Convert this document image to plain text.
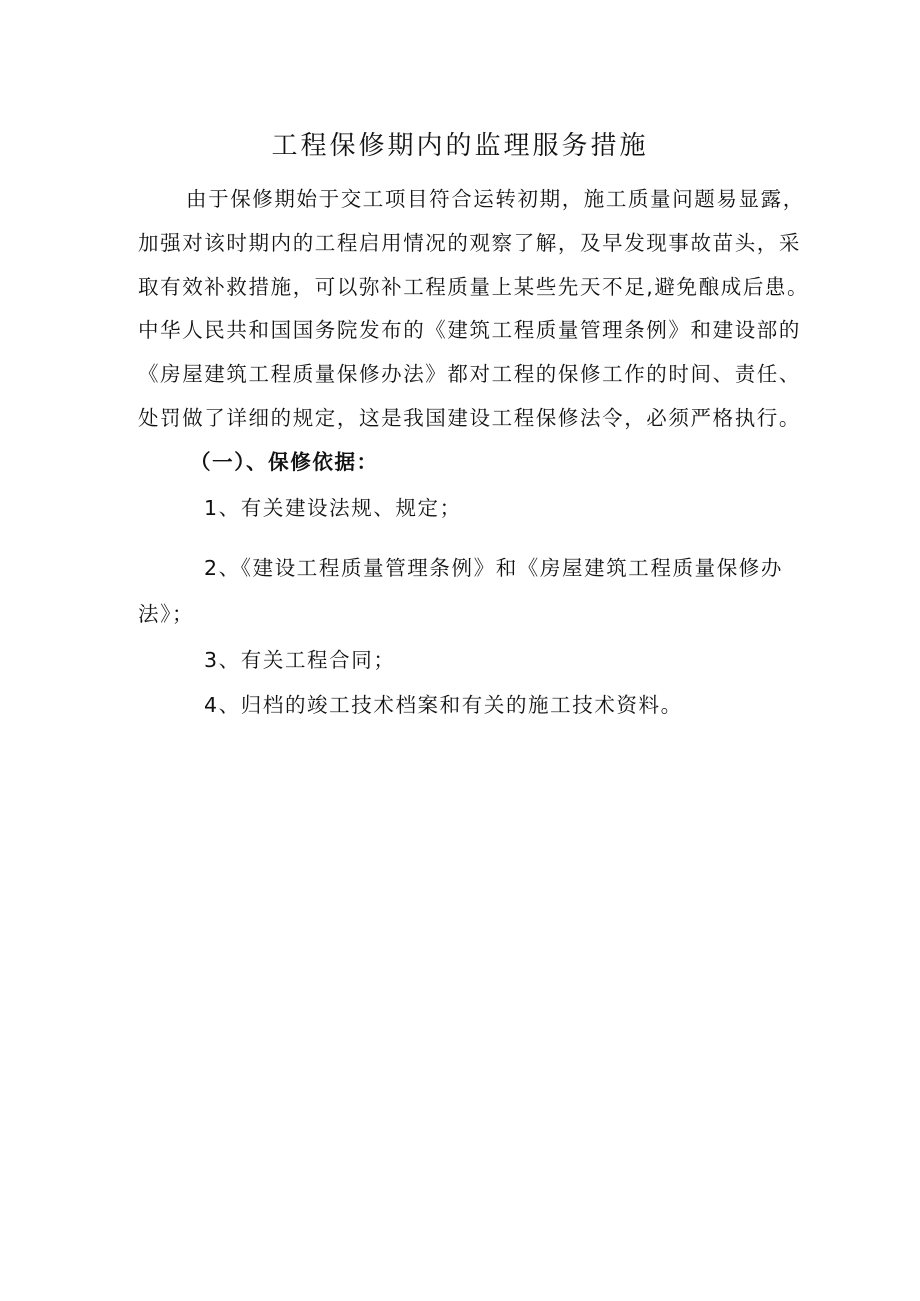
工程保修期内的监理服务措施
由于保修期始于交工项目符合运转初期，施工质量问题易显露，
加强对该时期内的工程启用情况的观察了解，及早发现事故苗头，采
取有效补救措施，可以弥补工程质量上某些先天不足,避免酿成后患。
中华人民共和国国务院发布的《建筑工程质量管理条例》和建设部的
《房屋建筑工程质量保修办法》都对工程的保修工作的时间、责任、
处罚做了详细的规定，这是我国建设工程保修法令，必须严格执行。
（一）、保修依据：
1、有关建设法规、规定；
2、《建设工程质量管理条例》和《房屋建筑工程质量保修办
法》；
3、有关工程合同；
4、归档的竣工技术档案和有关的施工技术资料。
